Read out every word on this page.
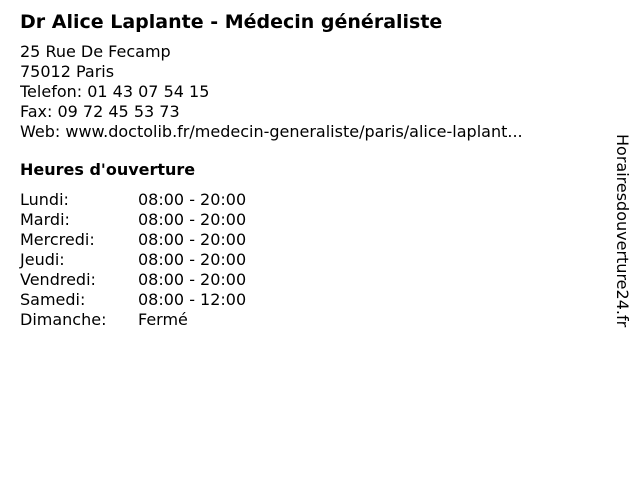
Dr Alice Laplante - Médecin généraliste
25 Rue De Fecamp
75012 Paris
Telefon: 01 43 07 54 15
Fax: 09 72 45 53 73
Web: www.doctolib.fr/medecin-generaliste/paris/alice-laplant...
Heures d'ouverture
Lundi:	08:00 - 20:00
Mardi:	08:00 - 20:00
Mercredi:	08:00 - 20:00
Jeudi:	08:00 - 20:00
Vendredi:	08:00 - 20:00
Samedi:	08:00 - 12:00
Dimanche:	Fermé	Horairesdouverture24.fr
